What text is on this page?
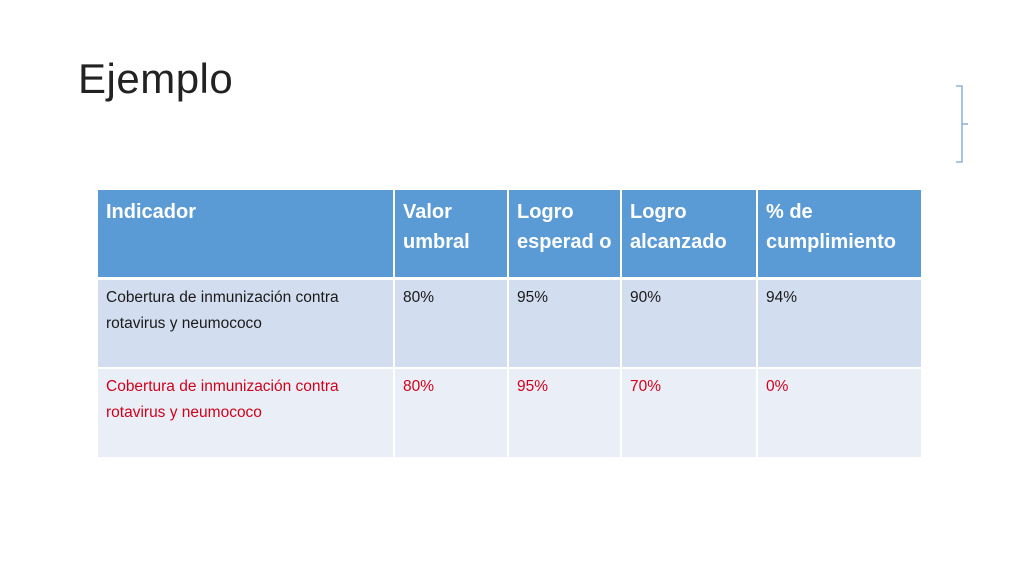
Ejemplo
Indicador	Valor umbral	Logro esperad o	Logro alcanzado	% de cumplimiento
Cobertura de inmunización contra rotavirus y neumococo	80%	95%	90%	94%
Cobertura de inmunización contra rotavirus y neumococo	80%	95%	70%	0%
